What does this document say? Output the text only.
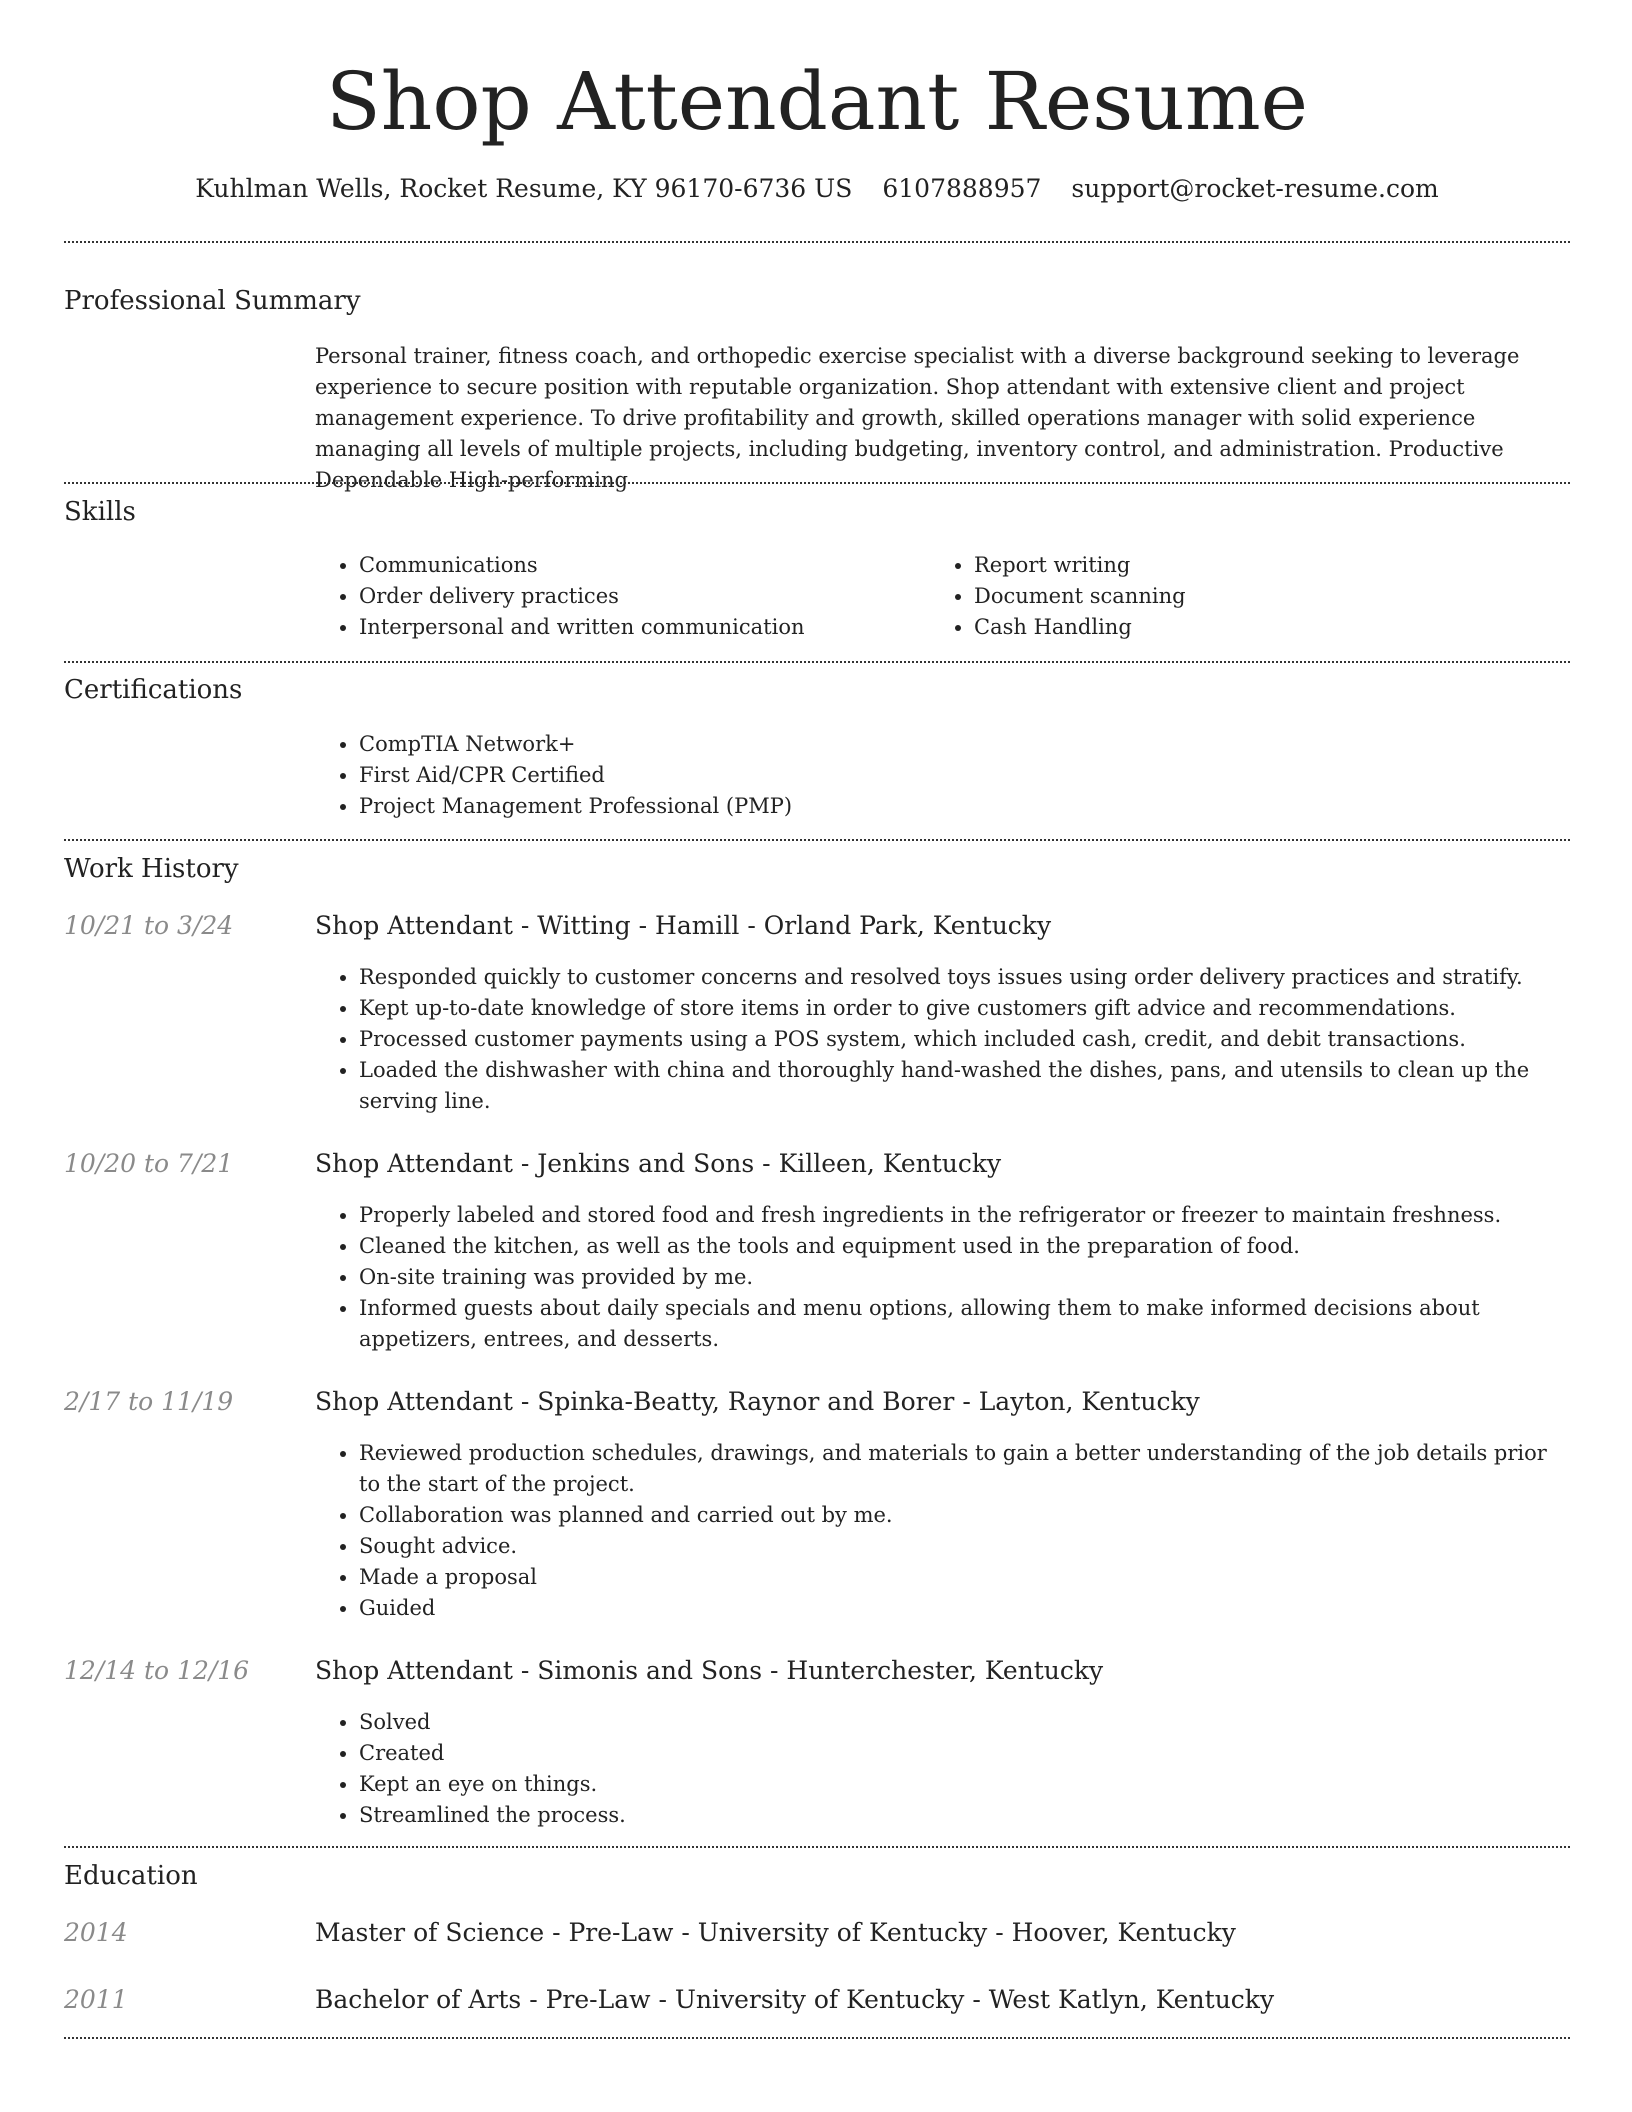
Shop Attendant Resume
Kuhlman Wells, Rocket Resume, KY 96170-6736 US 6107888957 support@rocket-resume.com
Professional Summary
Personal trainer, fitness coach, and orthopedic exercise specialist with a diverse background seeking to leverage experience to secure position with reputable organization. Shop attendant with extensive client and project management experience. To drive profitability and growth, skilled operations manager with solid experience managing all levels of multiple projects, including budgeting, inventory control, and administration. Productive Dependable High-performing
Skills
• Communications
• Order delivery practices
• Interpersonal and written communication
• Report writing
• Document scanning
• Cash Handling
Certifications
• CompTIA Network+
• First Aid/CPR Certified
• Project Management Professional (PMP)
Work History
10/21 to 3/24	Shop Attendant - Witting - Hamill - Orland Park, Kentucky
• Responded quickly to customer concerns and resolved toys issues using order delivery practices and stratify.
• Kept up-to-date knowledge of store items in order to give customers gift advice and recommendations.
• Processed customer payments using a POS system, which included cash, credit, and debit transactions.
• Loaded the dishwasher with china and thoroughly hand-washed the dishes, pans, and utensils to clean up the serving line.
10/20 to 7/21	Shop Attendant - Jenkins and Sons - Killeen, Kentucky
• Properly labeled and stored food and fresh ingredients in the refrigerator or freezer to maintain freshness.
• Cleaned the kitchen, as well as the tools and equipment used in the preparation of food.
• On-site training was provided by me.
• Informed guests about daily specials and menu options, allowing them to make informed decisions about appetizers, entrees, and desserts.
2/17 to 11/19	Shop Attendant - Spinka-Beatty, Raynor and Borer - Layton, Kentucky
• Reviewed production schedules, drawings, and materials to gain a better understanding of the job details prior to the start of the project.
• Collaboration was planned and carried out by me.
• Sought advice.
• Made a proposal
• Guided
12/14 to 12/16	Shop Attendant - Simonis and Sons - Hunterchester, Kentucky
• Solved
• Created
• Kept an eye on things.
• Streamlined the process.
Education
2014	Master of Science - Pre-Law - University of Kentucky - Hoover, Kentucky
2011	Bachelor of Arts - Pre-Law - University of Kentucky - West Katlyn, Kentucky
